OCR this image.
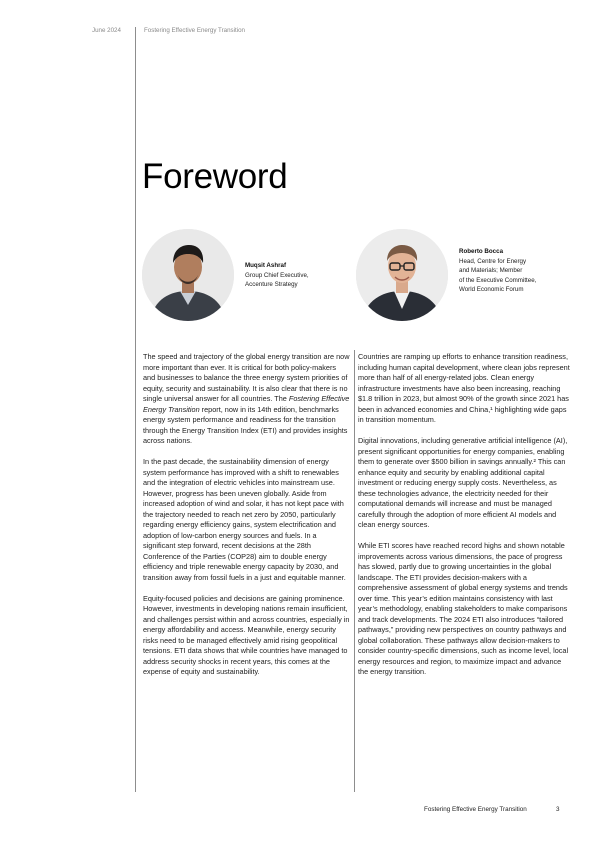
June 2024	Fostering Effective Energy Transition
Foreword
Muqsit Ashraf
Group Chief Executive,
Accenture Strategy
Roberto Bocca
Head, Centre for Energy
and Materials; Member
of the Executive Committee,
World Economic Forum

The speed and trajectory of the global energy transition are now more important than ever. It is critical for both policy-makers and businesses to balance the three energy system priorities of equity, security and sustainability. It is also clear that there is no single universal answer for all countries. The Fostering Effective Energy Transition report, now in its 14th edition, benchmarks energy system performance and readiness for the transition through the Energy Transition Index (ETI) and provides insights across nations.

In the past decade, the sustainability dimension of energy system performance has improved with a shift to renewables and the integration of electric vehicles into mainstream use. However, progress has been uneven globally. Aside from increased adoption of wind and solar, it has not kept pace with the trajectory needed to reach net zero by 2050, particularly regarding energy efficiency gains, system electrification and adoption of low-carbon energy sources and fuels. In a significant step forward, recent decisions at the 28th Conference of the Parties (COP28) aim to double energy efficiency and triple renewable energy capacity by 2030, and transition away from fossil fuels in a just and equitable manner.

Equity-focused policies and decisions are gaining prominence. However, investments in developing nations remain insufficient, and challenges persist within and across countries, especially in energy affordability and access. Meanwhile, energy security risks need to be managed effectively amid rising geopolitical tensions. ETI data shows that while countries have managed to address security shocks in recent years, this comes at the expense of equity and sustainability.

Countries are ramping up efforts to enhance transition readiness, including human capital development, where clean jobs represent more than half of all energy-related jobs. Clean energy infrastructure investments have also been increasing, reaching $1.8 trillion in 2023, but almost 90% of the growth since 2021 has been in advanced economies and China,¹ highlighting wide gaps in transition momentum.

Digital innovations, including generative artificial intelligence (AI), present significant opportunities for energy companies, enabling them to generate over $500 billion in savings annually.² This can enhance equity and security by enabling additional capital investment or reducing energy supply costs. Nevertheless, as these technologies advance, the electricity needed for their computational demands will increase and must be managed carefully through the adoption of more efficient AI models and clean energy sources.

While ETI scores have reached record highs and shown notable improvements across various dimensions, the pace of progress has slowed, partly due to growing uncertainties in the global landscape. The ETI provides decision-makers with a comprehensive assessment of global energy systems and trends over time. This year’s edition maintains consistency with last year’s methodology, enabling stakeholders to make comparisons and track developments. The 2024 ETI also introduces “tailored pathways,” providing new perspectives on country pathways and global collaboration. These pathways allow decision-makers to consider country-specific dimensions, such as income level, local energy resources and region, to maximize impact and advance the energy transition.

Fostering Effective Energy Transition	3
